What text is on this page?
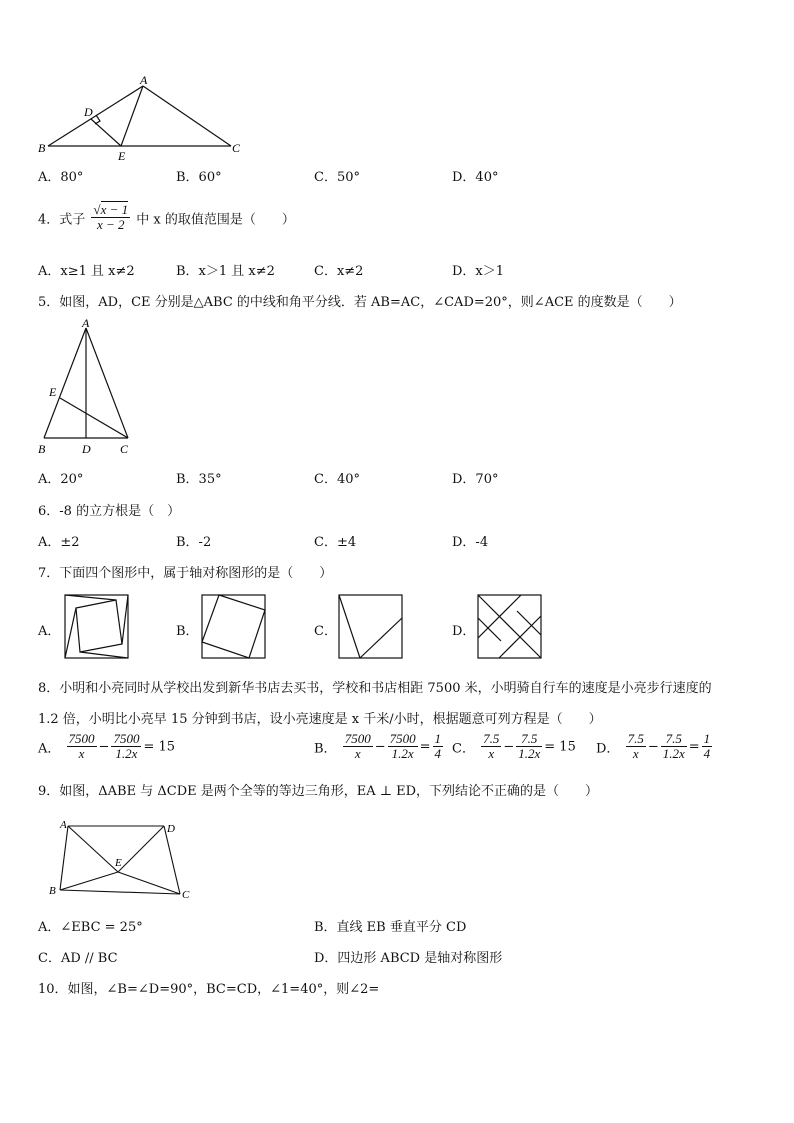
A
D
B
E
C
A．80°	B．60°	C．50°	D．40°
4．式子 $\frac{√x - 1}{x - 2}$ 中 x 的取值范围是（　　）
A．x≥1 且 x≠2	B．x＞1 且 x≠2	C．x≠2	D．x＞1
5．如图，AD，CE 分别是△ABC 的中线和角平分线．若 AB=AC，∠CAD=20°，则∠ACE 的度数是（　　）
A
E
B	D C
A．20°	B．35°	C．40°	D．70°
6．-8 的立方根是（　）
A．±2	B．-2	C．±4	D．-4
7．下面四个图形中，属于轴对称图形的是（　　）
A．	B．	C．	D．
8．小明和小亮同时从学校出发到新华书店去买书，学校和书店相距 7500 米，小明骑自行车的速度是小亮步行速度的
1.2 倍，小明比小亮早 15 分钟到书店，设小亮速度是 x 千米/小时，根据题意可列方程是（　　）
A． $\frac{7500}{x} - \frac{7500}{1.2x} = 15$	B． $\frac{7500}{x} - \frac{7500}{1.2x} = \frac{1}{4}$ C． $\frac{7.5}{x} - \frac{7.5}{1.2x} = 15$ D． $\frac{7.5}{x} - \frac{7.5}{1.2x} = \frac{1}{4}$
9．如图，ΔABE 与 ΔCDE 是两个全等的等边三角形，EA ⊥ ED，下列结论不正确的是（　　）
A	D
E
B	C
A．∠EBC = 25°	B．直线 EB 垂直平分 CD
C．AD // BC	D．四边形 ABCD 是轴对称图形
10．如图，∠B=∠D=90°，BC=CD，∠1=40°，则∠2=
